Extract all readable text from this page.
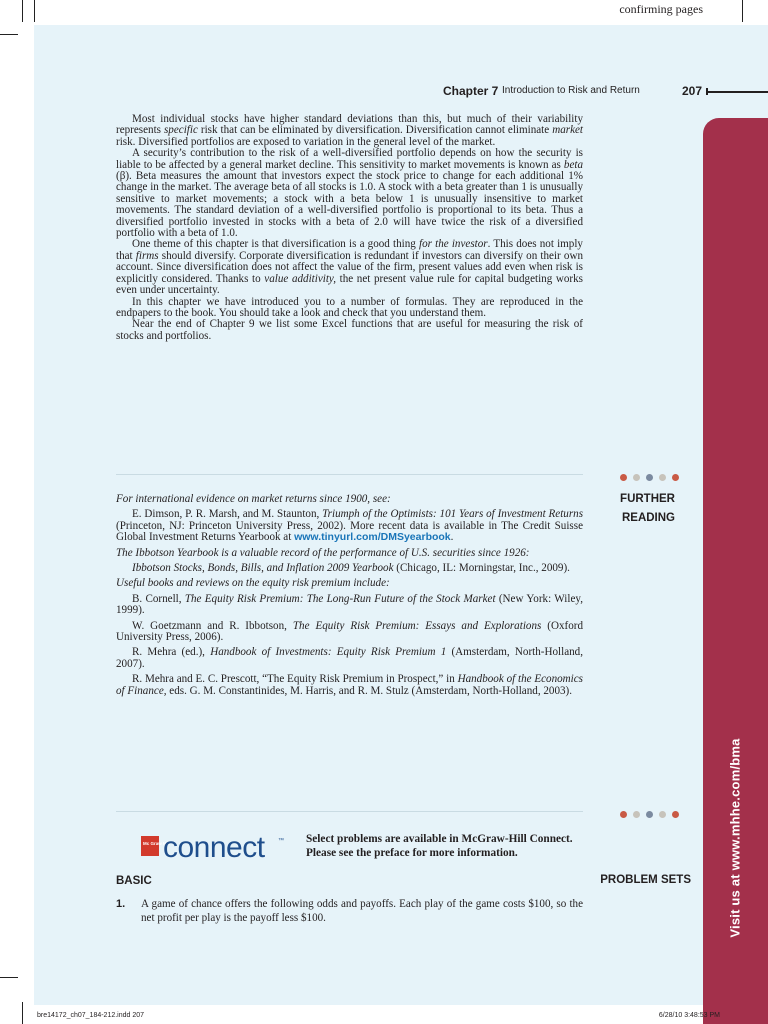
confirming pages
Chapter 7 Introduction to Risk and Return	207
Visit us at www.mhhe.com/bma

Most individual stocks have higher standard deviations than this, but much of their variability represents specific risk that can be eliminated by diversification. Diversification cannot eliminate market risk. Diversified portfolios are exposed to variation in the general level of the market.

A security’s contribution to the risk of a well-diversified portfolio depends on how the security is liable to be affected by a general market decline. This sensitivity to market movements is known as beta (β). Beta measures the amount that investors expect the stock price to change for each additional 1% change in the market. The average beta of all stocks is 1.0. A stock with a beta greater than 1 is unusually sensitive to market movements; a stock with a beta below 1 is unusually insensitive to market movements. The standard deviation of a well-diversified portfolio is proportional to its beta. Thus a diversified portfolio invested in stocks with a beta of 2.0 will have twice the risk of a diversified portfolio with a beta of 1.0.

One theme of this chapter is that diversification is a good thing for the investor. This does not imply that firms should diversify. Corporate diversification is redundant if investors can diversify on their own account. Since diversification does not affect the value of the firm, present values add even when risk is explicitly considered. Thanks to value additivity, the net present value rule for capital budgeting works even under uncertainty.

In this chapter we have introduced you to a number of formulas. They are reproduced in the endpapers to the book. You should take a look and check that you understand them.

Near the end of Chapter 9 we list some Excel functions that are useful for measuring the risk of stocks and portfolios.

FURTHER
READING
For international evidence on market returns since 1900, see:
E. Dimson, P. R. Marsh, and M. Staunton, Triumph of the Optimists: 101 Years of Investment Returns (Princeton, NJ: Princeton University Press, 2002). More recent data is available in The Credit Suisse Global Investment Returns Yearbook at www.tinyurl.com/DMSyearbook.
The Ibbotson Yearbook is a valuable record of the performance of U.S. securities since 1926:
Ibbotson Stocks, Bonds, Bills, and Inflation 2009 Yearbook (Chicago, IL: Morningstar, Inc., 2009).
Useful books and reviews on the equity risk premium include:
B. Cornell, The Equity Risk Premium: The Long-Run Future of the Stock Market (New York: Wiley, 1999).
W. Goetzmann and R. Ibbotson, The Equity Risk Premium: Essays and Explorations (Oxford University Press, 2006).
R. Mehra (ed.), Handbook of Investments: Equity Risk Premium 1 (Amsterdam, North-Holland, 2007).
R. Mehra and E. C. Prescott, “The Equity Risk Premium in Prospect,” in Handbook of the Economics of Finance, eds. G. M. Constantinides, M. Harris, and R. M. Stulz (Amsterdam, North-Holland, 2003).
Mc Graw Hill
connect ™ Select problems are available in McGraw-Hill Connect. Please see the preface for more information.
BASIC	PROBLEM SETS
1. A game of chance offers the following odds and payoffs. Each play of the game costs $100, so the net profit per play is the payoff less $100.
bre14172_ch07_184-212.indd 207	6/28/10 3:48:53 PM
